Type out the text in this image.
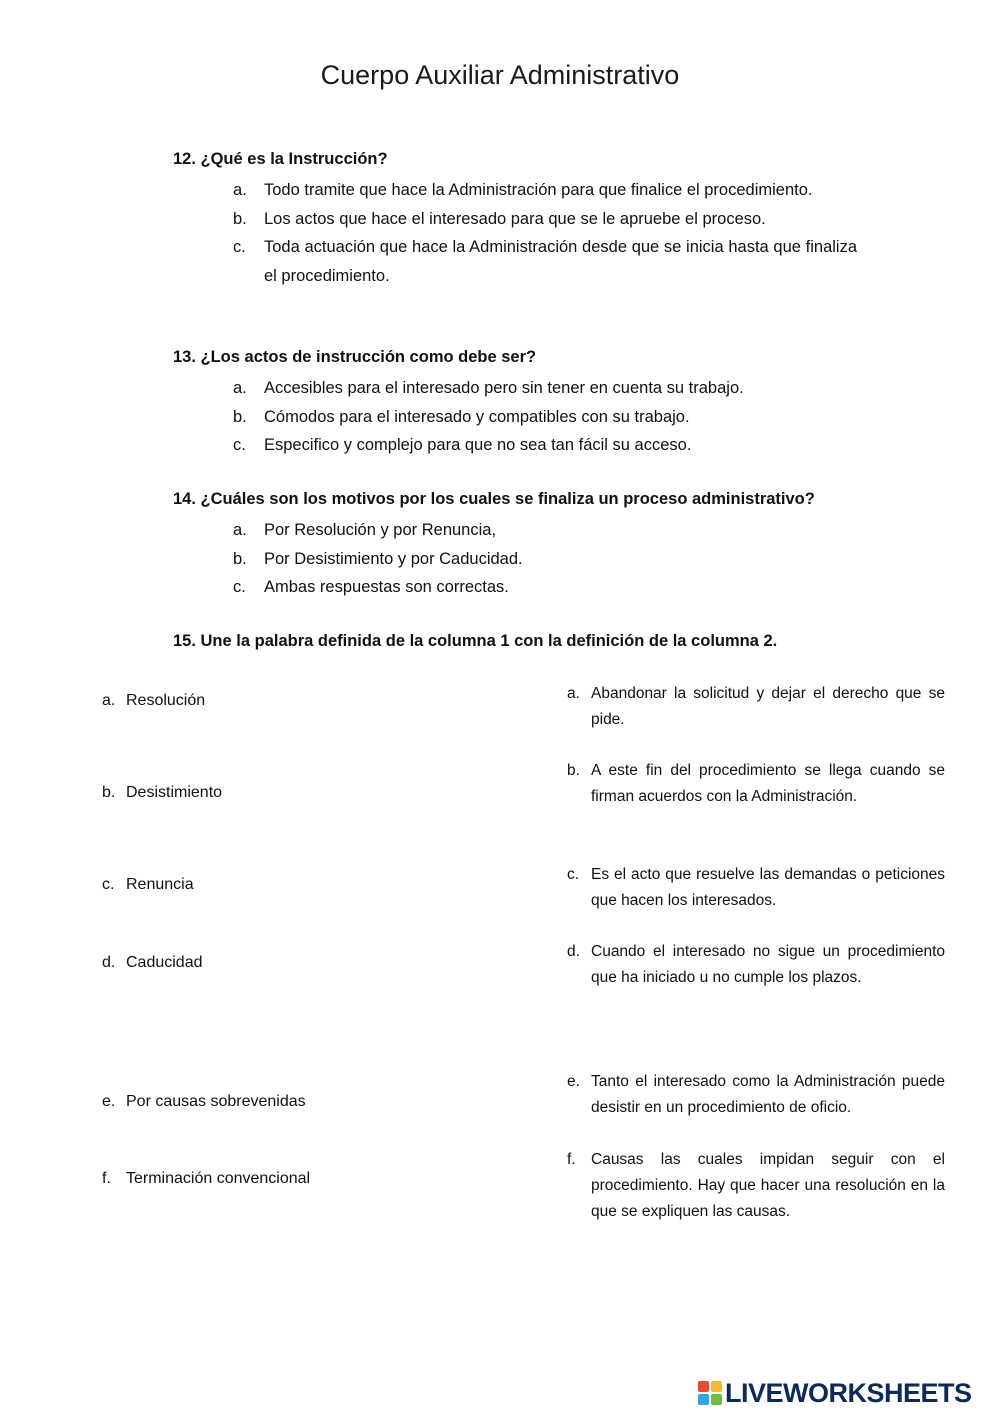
Cuerpo Auxiliar Administrativo
12. ¿Qué es la Instrucción?
a. Todo tramite que hace la Administración para que finalice el procedimiento.
b. Los actos que hace el interesado para que se le apruebe el proceso.
c. Toda actuación que hace la Administración desde que se inicia hasta que finaliza el procedimiento.
13. ¿Los actos de instrucción como debe ser?
a. Accesibles para el interesado pero sin tener en cuenta su trabajo.
b. Cómodos para el interesado y compatibles con su trabajo.
c. Especifico y complejo para que no sea tan fácil su acceso.
14. ¿Cuáles son los motivos por los cuales se finaliza un proceso administrativo?
a. Por Resolución y por Renuncia,
b. Por Desistimiento y por Caducidad.
c. Ambas respuestas son correctas.
15. Une la palabra definida de la columna 1 con la definición de la columna 2.
a. Resolución
b. Desistimiento
c. Renuncia
d. Caducidad
e. Por causas sobrevenidas
f. Terminación convencional
a. Abandonar la solicitud y dejar el derecho que se pide.
b. A este fin del procedimiento se llega cuando se firman acuerdos con la Administración.
c. Es el acto que resuelve las demandas o peticiones que hacen los interesados.
d. Cuando el interesado no sigue un procedimiento que ha iniciado u no cumple los plazos.
e. Tanto el interesado como la Administración puede desistir en un procedimiento de oficio.
f. Causas las cuales impidan seguir con el procedimiento. Hay que hacer una resolución en la que se expliquen las causas.
LIVEWORKSHEETS
